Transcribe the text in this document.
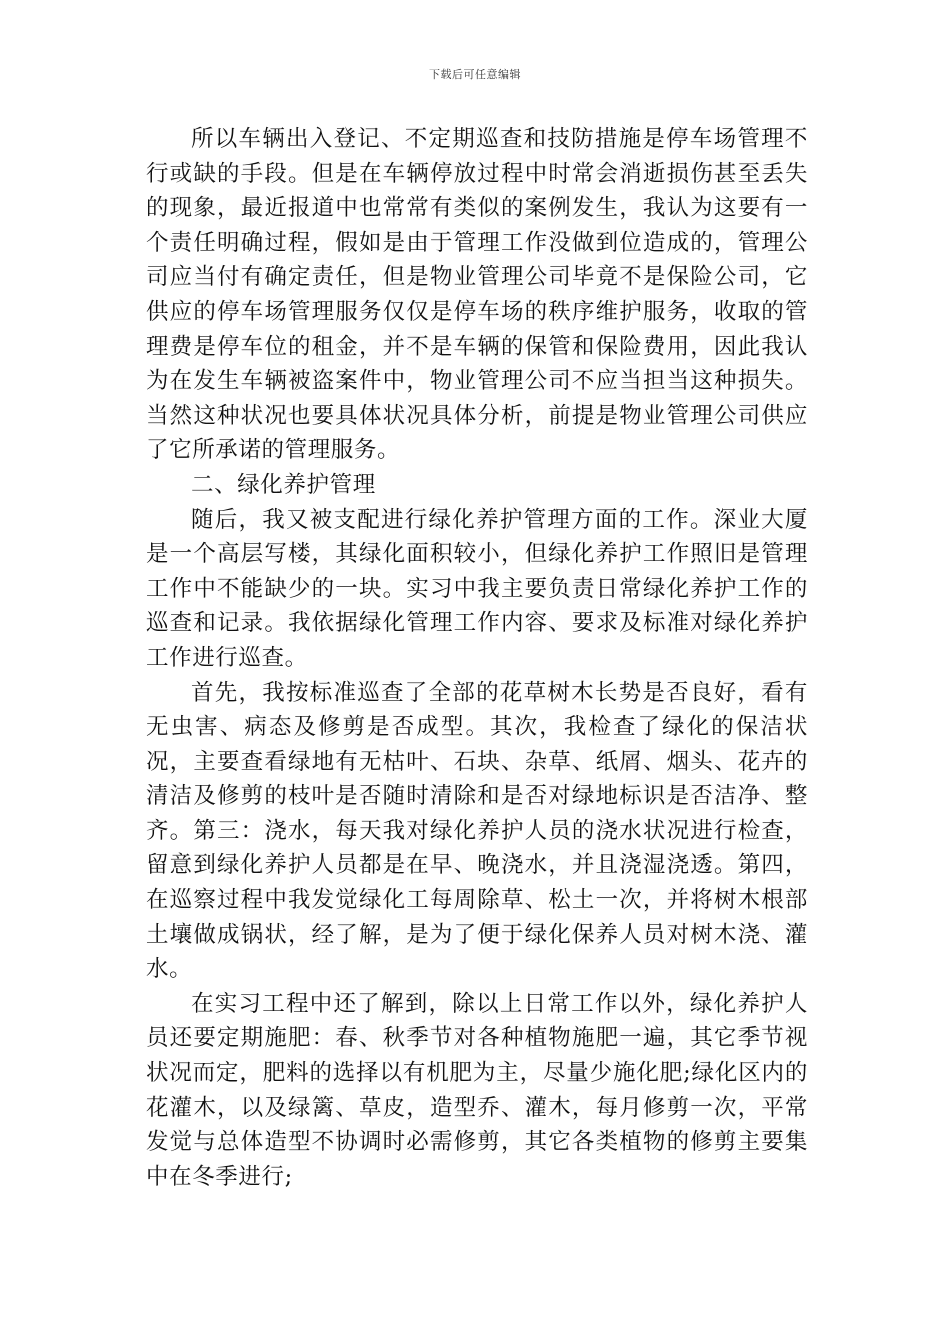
下载后可任意编辑

所以车辆出入登记、不定期巡查和技防措施是停车场管理不行或缺的手段。但是在车辆停放过程中时常会消逝损伤甚至丢失的现象，最近报道中也常常有类似的案例发生，我认为这要有一个责任明确过程，假如是由于管理工作没做到位造成的，管理公司应当付有确定责任，但是物业管理公司毕竟不是保险公司，它供应的停车场管理服务仅仅是停车场的秩序维护服务，收取的管理费是停车位的租金，并不是车辆的保管和保险费用，因此我认为在发生车辆被盗案件中，物业管理公司不应当担当这种损失。当然这种状况也要具体状况具体分析，前提是物业管理公司供应了它所承诺的管理服务。

二、绿化养护管理

随后，我又被支配进行绿化养护管理方面的工作。深业大厦是一个高层写楼，其绿化面积较小，但绿化养护工作照旧是管理工作中不能缺少的一块。实习中我主要负责日常绿化养护工作的巡查和记录。我依据绿化管理工作内容、要求及标准对绿化养护工作进行巡查。

首先，我按标准巡查了全部的花草树木长势是否良好，看有无虫害、病态及修剪是否成型。其次，我检查了绿化的保洁状况，主要查看绿地有无枯叶、石块、杂草、纸屑、烟头、花卉的清洁及修剪的枝叶是否随时清除和是否对绿地标识是否洁净、整齐。第三：浇水，每天我对绿化养护人员的浇水状况进行检查，留意到绿化养护人员都是在早、晚浇水，并且浇湿浇透。第四，在巡察过程中我发觉绿化工每周除草、松土一次，并将树木根部土壤做成锅状，经了解，是为了便于绿化保养人员对树木浇、灌水。

在实习工程中还了解到，除以上日常工作以外，绿化养护人员还要定期施肥：春、秋季节对各种植物施肥一遍，其它季节视状况而定，肥料的选择以有机肥为主，尽量少施化肥;绿化区内的花灌木，以及绿篱、草皮，造型乔、灌木，每月修剪一次，平常发觉与总体造型不协调时必需修剪，其它各类植物的修剪主要集中在冬季进行;
